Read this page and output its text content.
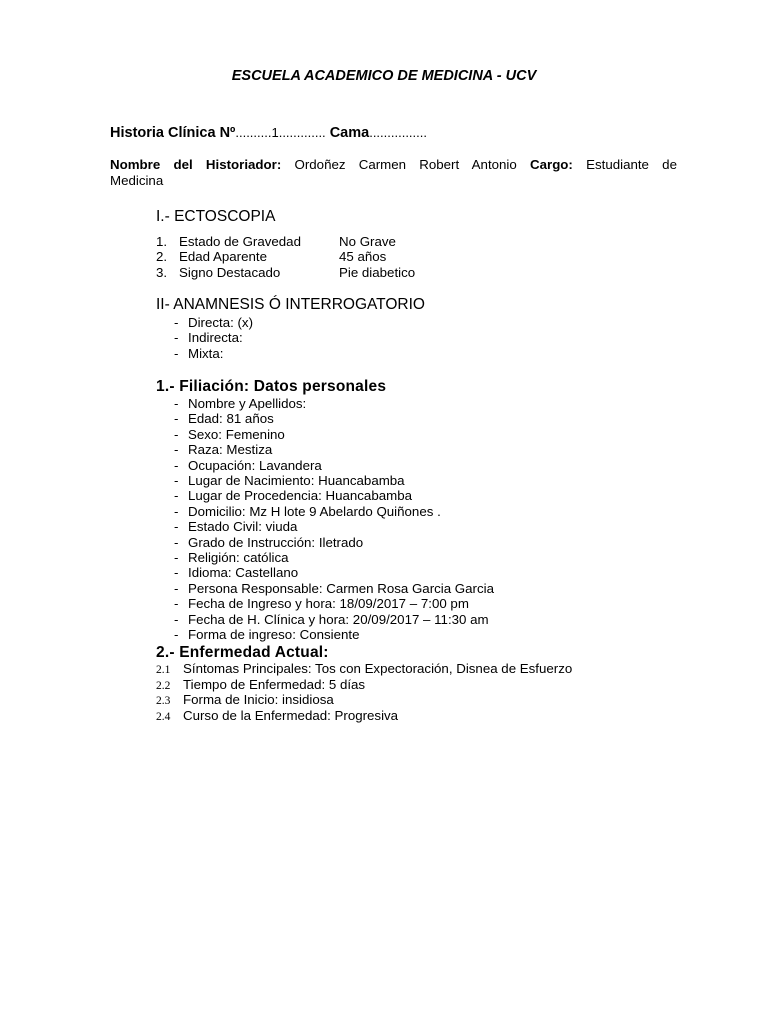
ESCUELA ACADEMICO DE MEDICINA - UCV
Historia Clínica Nº..........1............. Cama................
Nombre del Historiador: Ordoñez Carmen Robert Antonio Cargo: Estudiante de
Medicina
I.- ECTOSCOPIA
1. Estado de Gravedad	No Grave
2. Edad Aparente	45 años
3. Signo Destacado	Pie diabetico
II- ANAMNESIS Ó INTERROGATORIO
- Directa: (x)
- Indirecta:
- Mixta:
1.- Filiación: Datos personales
- Nombre y Apellidos:
- Edad: 81 años
- Sexo: Femenino
- Raza: Mestiza
- Ocupación: Lavandera
- Lugar de Nacimiento: Huancabamba
- Lugar de Procedencia: Huancabamba
- Domicilio: Mz H lote 9 Abelardo Quiñones .
- Estado Civil: viuda
- Grado de Instrucción: Iletrado
- Religión: católica
- Idioma: Castellano
- Persona Responsable: Carmen Rosa Garcia Garcia
- Fecha de Ingreso y hora: 18/09/2017 – 7:00 pm
- Fecha de H. Clínica y hora: 20/09/2017 – 11:30 am
- Forma de ingreso: Consiente
2.- Enfermedad Actual:
2.1 Síntomas Principales: Tos con Expectoración, Disnea de Esfuerzo
2.2 Tiempo de Enfermedad: 5 días
2.3 Forma de Inicio: insidiosa
2.4 Curso de la Enfermedad: Progresiva
